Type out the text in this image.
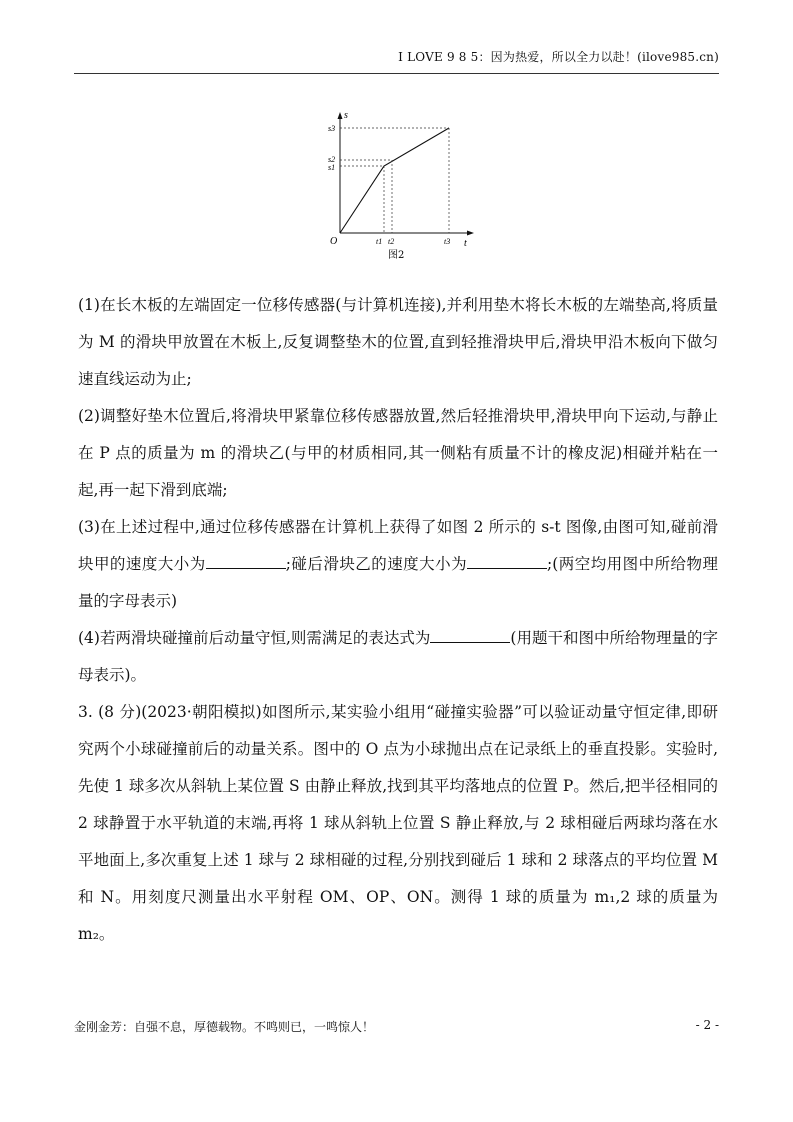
I LOVE 9 8 5：因为热爱，所以全力以赴！(ilove985.cn)
s
t
O
s3
s2
s1
t1 t2	t3
图2

(1)在长木板的左端固定一位移传感器(与计算机连接),并利用垫木将长木板的左端垫高,将质量为 M 的滑块甲放置在木板上,反复调整垫木的位置,直到轻推滑块甲后,滑块甲沿木板向下做匀速直线运动为止;

(2)调整好垫木位置后,将滑块甲紧靠位移传感器放置,然后轻推滑块甲,滑块甲向下运动,与静止在 P 点的质量为 m 的滑块乙(与甲的材质相同,其一侧粘有质量不计的橡皮泥)相碰并粘在一起,再一起下滑到底端;

(3)在上述过程中,通过位移传感器在计算机上获得了如图 2 所示的 s-t 图像,由图可知,碰前滑块甲的速度大小为	;碰后滑块乙的速度大小为	;(两空均用图中所给物理量的字母表示)

(4)若两滑块碰撞前后动量守恒,则需满足的表达式为	(用题干和图中所给物理量的字母表示)。

3. (8 分)(2023·朝阳模拟)如图所示,某实验小组用“碰撞实验器”可以验证动量守恒定律,即研究两个小球碰撞前后的动量关系。图中的 O 点为小球抛出点在记录纸上的垂直投影。实验时,先使 1 球多次从斜轨上某位置 S 由静止释放,找到其平均落地点的位置 P。然后,把半径相同的 2 球静置于水平轨道的末端,再将 1 球从斜轨上位置 S 静止释放,与 2 球相碰后两球均落在水平地面上,多次重复上述 1 球与 2 球相碰的过程,分别找到碰后 1 球和 2 球落点的平均位置 M 和 N。用刻度尺测量出水平射程 OM、OP、ON。测得 1 球的质量为 m₁,2 球的质量为 m₂。

金刚金芳：自强不息，厚德载物。不鸣则已，一鸣惊人！	- 2 -
